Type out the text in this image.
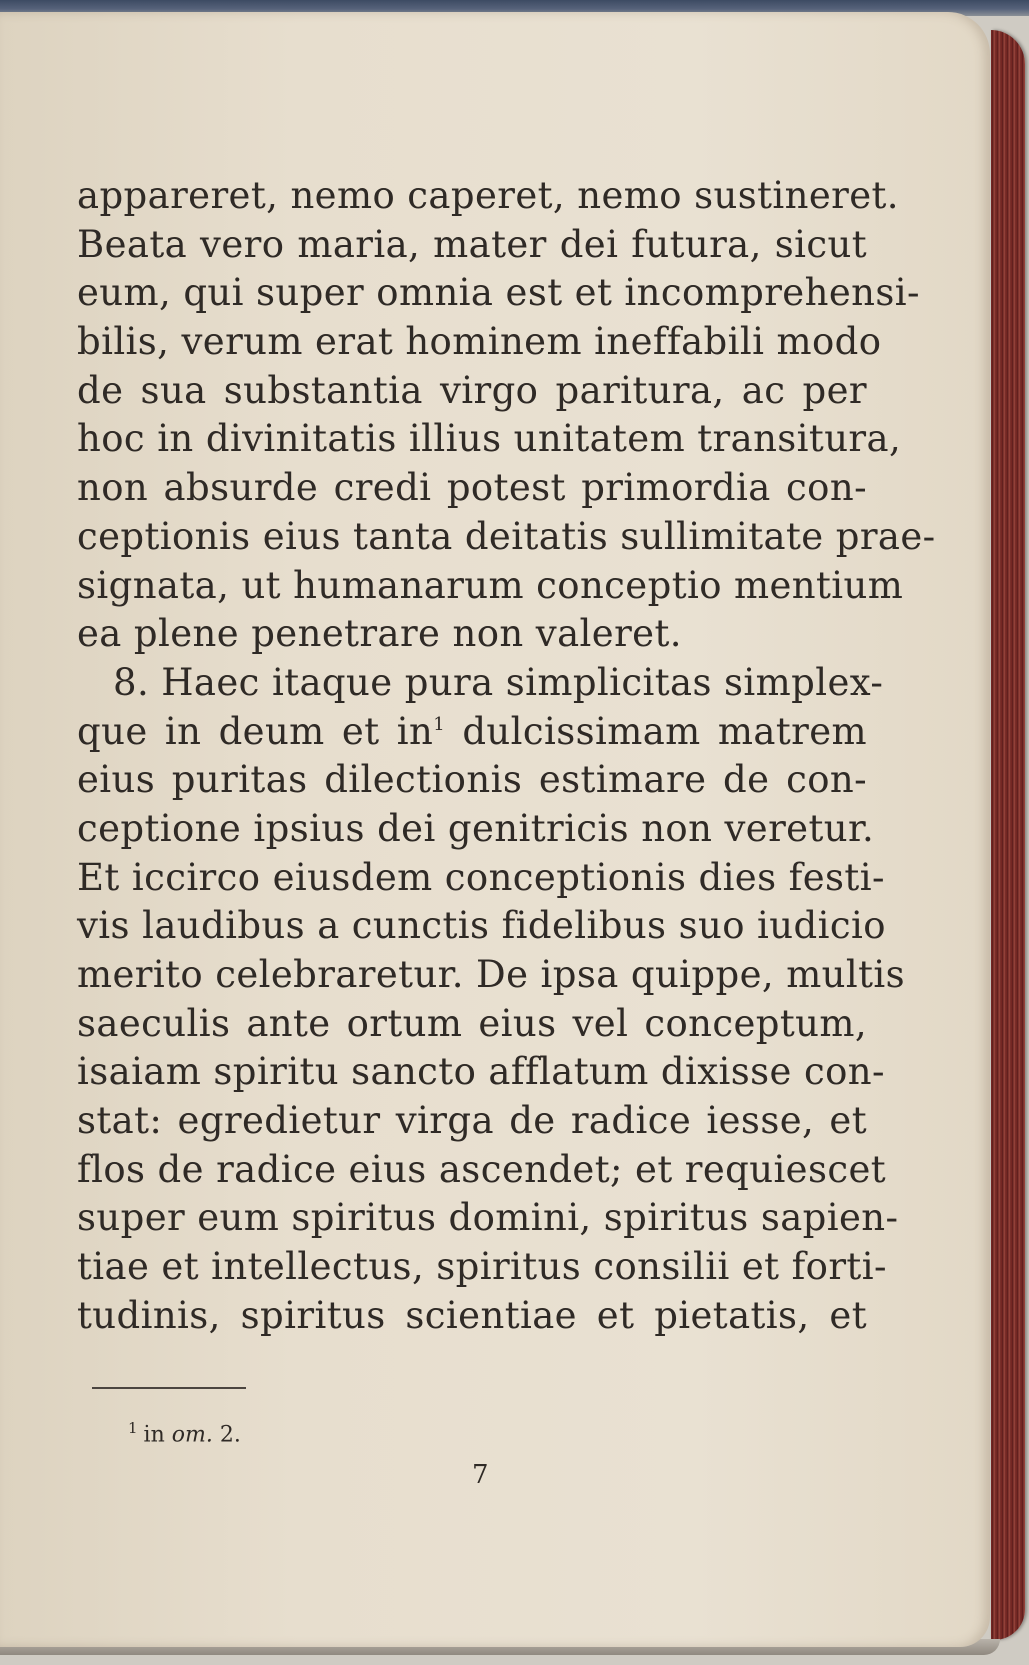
appareret, nemo caperet, nemo sustineret.
Beata vero maria, mater dei futura, sicut
eum, qui super omnia est et incomprehensi-
bilis, verum erat hominem ineffabili modo
de sua substantia virgo paritura, ac per
hoc in divinitatis illius unitatem transitura,
non absurde credi potest primordia con-
ceptionis eius tanta deitatis sullimitate prae-
signata, ut humanarum conceptio mentium
ea plene penetrare non valeret.
8. Haec itaque pura simplicitas simplex-
que in deum et in$^1$ dulcissimam matrem
eius puritas dilectionis estimare de con-
ceptione ipsius dei genitricis non veretur.
Et iccirco eiusdem conceptionis dies festi-
vis laudibus a cunctis fidelibus suo iudicio
merito celebraretur. De ipsa quippe, multis
saeculis ante ortum eius vel conceptum,
isaiam spiritu sancto afflatum dixisse con-
stat: egredietur virga de radice iesse, et
flos de radice eius ascendet; et requiescet
super eum spiritus domini, spiritus sapien-
tiae et intellectus, spiritus consilii et forti-
tudinis, spiritus scientiae et pietatis, et
$^1$ in om. 2.
7
